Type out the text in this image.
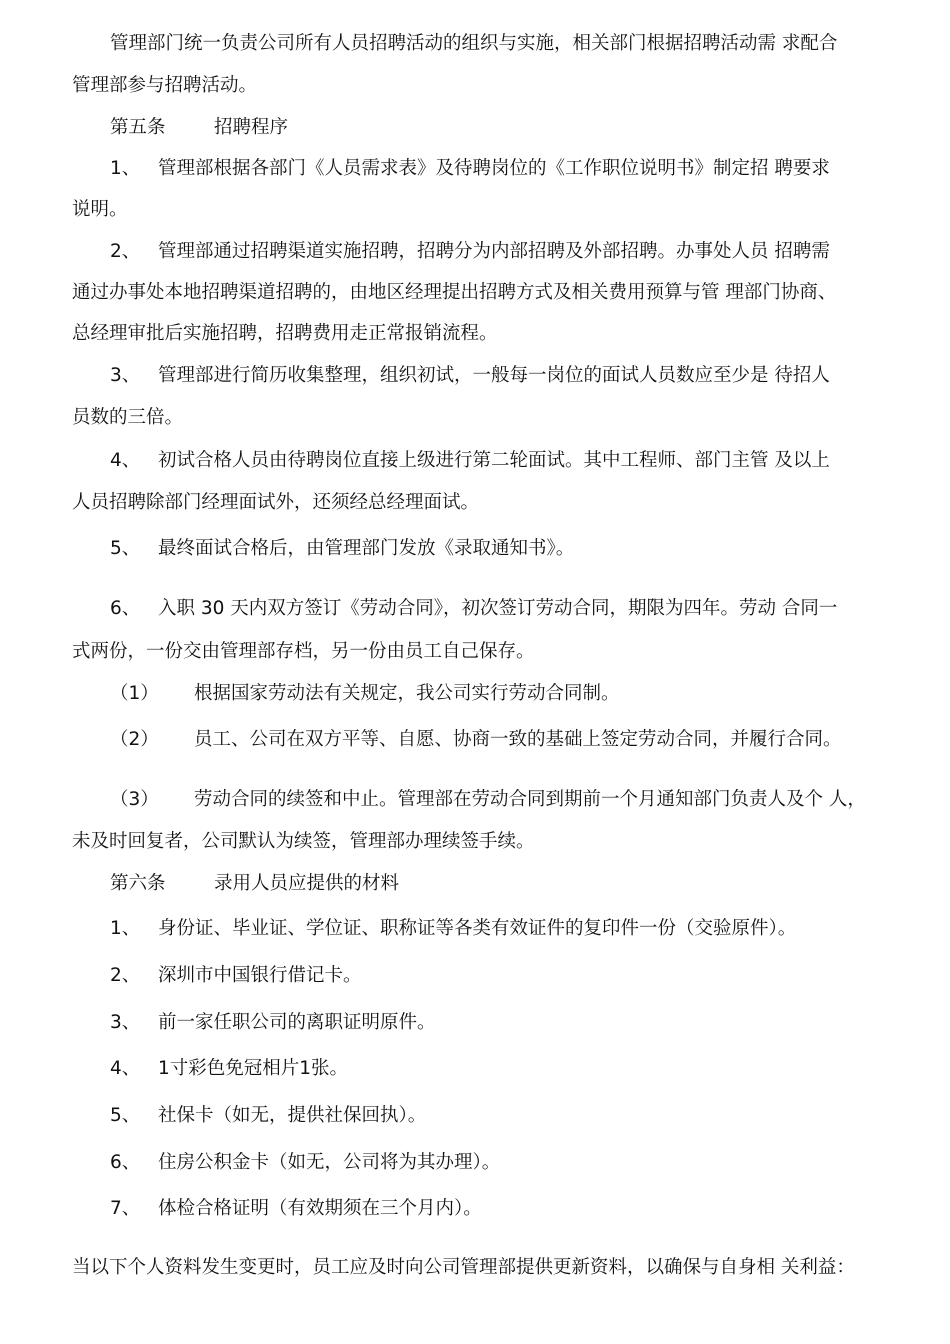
管理部门统一负责公司所有人员招聘活动的组织与实施，相关部门根据招聘活动需 求配合
管理部参与招聘活动。
第五条	招聘程序
1、 管理部根据各部门《人员需求表》及待聘岗位的《工作职位说明书》制定招 聘要求
说明。
2、 管理部通过招聘渠道实施招聘，招聘分为内部招聘及外部招聘。办事处人员 招聘需
通过办事处本地招聘渠道招聘的，由地区经理提出招聘方式及相关费用预算与管 理部门协商、
总经理审批后实施招聘，招聘费用走正常报销流程。
3、 管理部进行简历收集整理，组织初试，一般每一岗位的面试人员数应至少是 待招人
员数的三倍。
4、 初试合格人员由待聘岗位直接上级进行第二轮面试。其中工程师、部门主管 及以上
人员招聘除部门经理面试外，还须经总经理面试。
5、 最终面试合格后，由管理部门发放《录取通知书》。
6、 入职 30 天内双方签订《劳动合同》，初次签订劳动合同，期限为四年。劳动 合同一
式两份，一份交由管理部存档，另一份由员工自己保存。
（1） 根据国家劳动法有关规定，我公司实行劳动合同制。
（2） 员工、公司在双方平等、自愿、协商一致的基础上签定劳动合同，并履行合同。
（3） 劳动合同的续签和中止。管理部在劳动合同到期前一个月通知部门负责人及个 人，
未及时回复者，公司默认为续签，管理部办理续签手续。
第六条	录用人员应提供的材料
1、 身份证、毕业证、学位证、职称证等各类有效证件的复印件一份（交验原件）。
2、 深圳市中国银行借记卡。
3、 前一家任职公司的离职证明原件。
4、 1寸彩色免冠相片1张。
5、 社保卡（如无，提供社保回执）。
6、 住房公积金卡（如无，公司将为其办理）。
7、 体检合格证明（有效期须在三个月内）。
当以下个人资料发生变更时，员工应及时向公司管理部提供更新资料，以确保与自身相 关利益：
